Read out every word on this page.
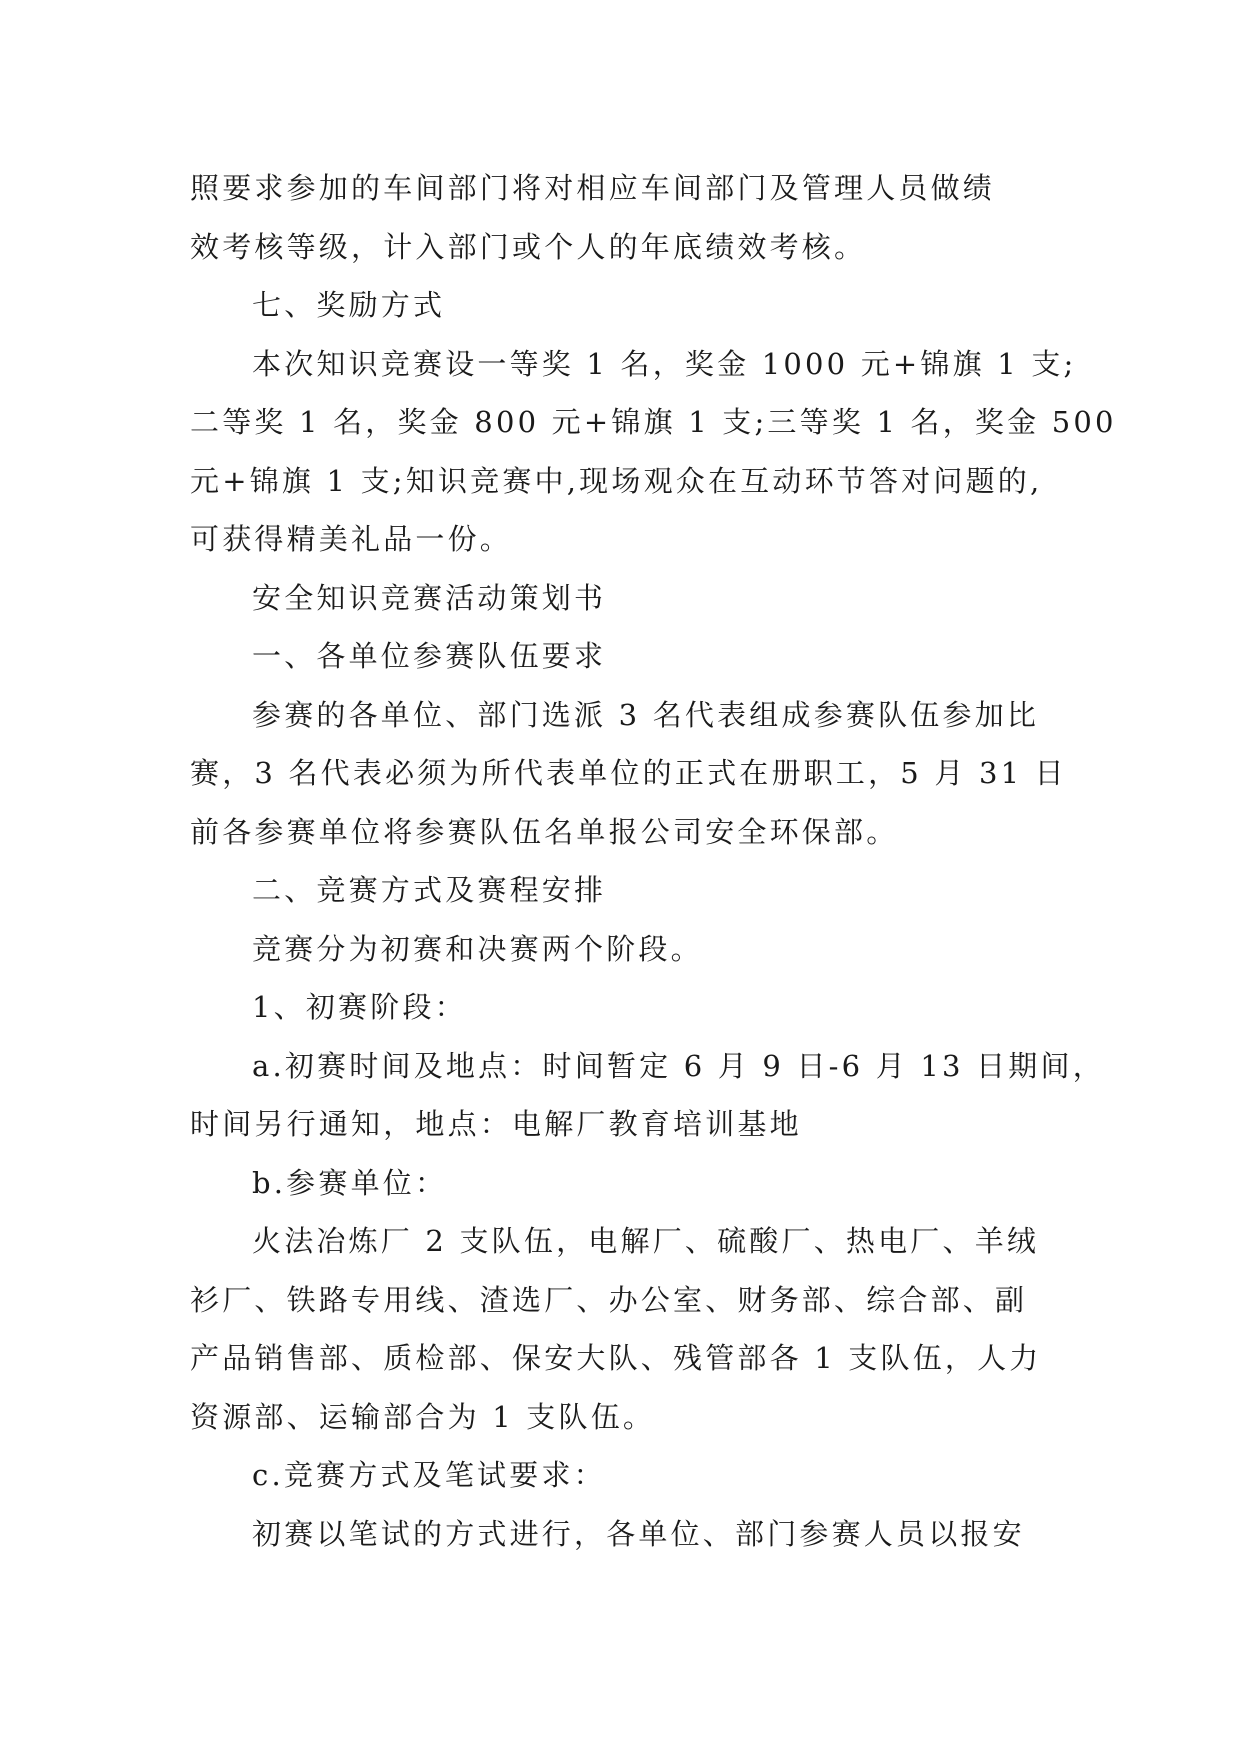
照要求参加的车间部门将对相应车间部门及管理人员做绩
效考核等级，计入部门或个人的年底绩效考核。
七、奖励方式
本次知识竞赛设一等奖 1 名，奖金 1000 元+锦旗 1 支;
二等奖 1 名，奖金 800 元+锦旗 1 支;三等奖 1 名，奖金 500
元+锦旗 1 支;知识竞赛中,现场观众在互动环节答对问题的,
可获得精美礼品一份。
安全知识竞赛活动策划书
一、各单位参赛队伍要求
参赛的各单位、部门选派 3 名代表组成参赛队伍参加比
赛，3 名代表必须为所代表单位的正式在册职工，5 月 31 日
前各参赛单位将参赛队伍名单报公司安全环保部。
二、竞赛方式及赛程安排
竞赛分为初赛和决赛两个阶段。
1、初赛阶段：
a.初赛时间及地点：时间暂定 6 月 9 日-6 月 13 日期间，
时间另行通知，地点：电解厂教育培训基地
b.参赛单位：
火法冶炼厂 2 支队伍，电解厂、硫酸厂、热电厂、羊绒
衫厂、铁路专用线、渣选厂、办公室、财务部、综合部、副
产品销售部、质检部、保安大队、残管部各 1 支队伍，人力
资源部、运输部合为 1 支队伍。
c.竞赛方式及笔试要求：
初赛以笔试的方式进行，各单位、部门参赛人员以报安
